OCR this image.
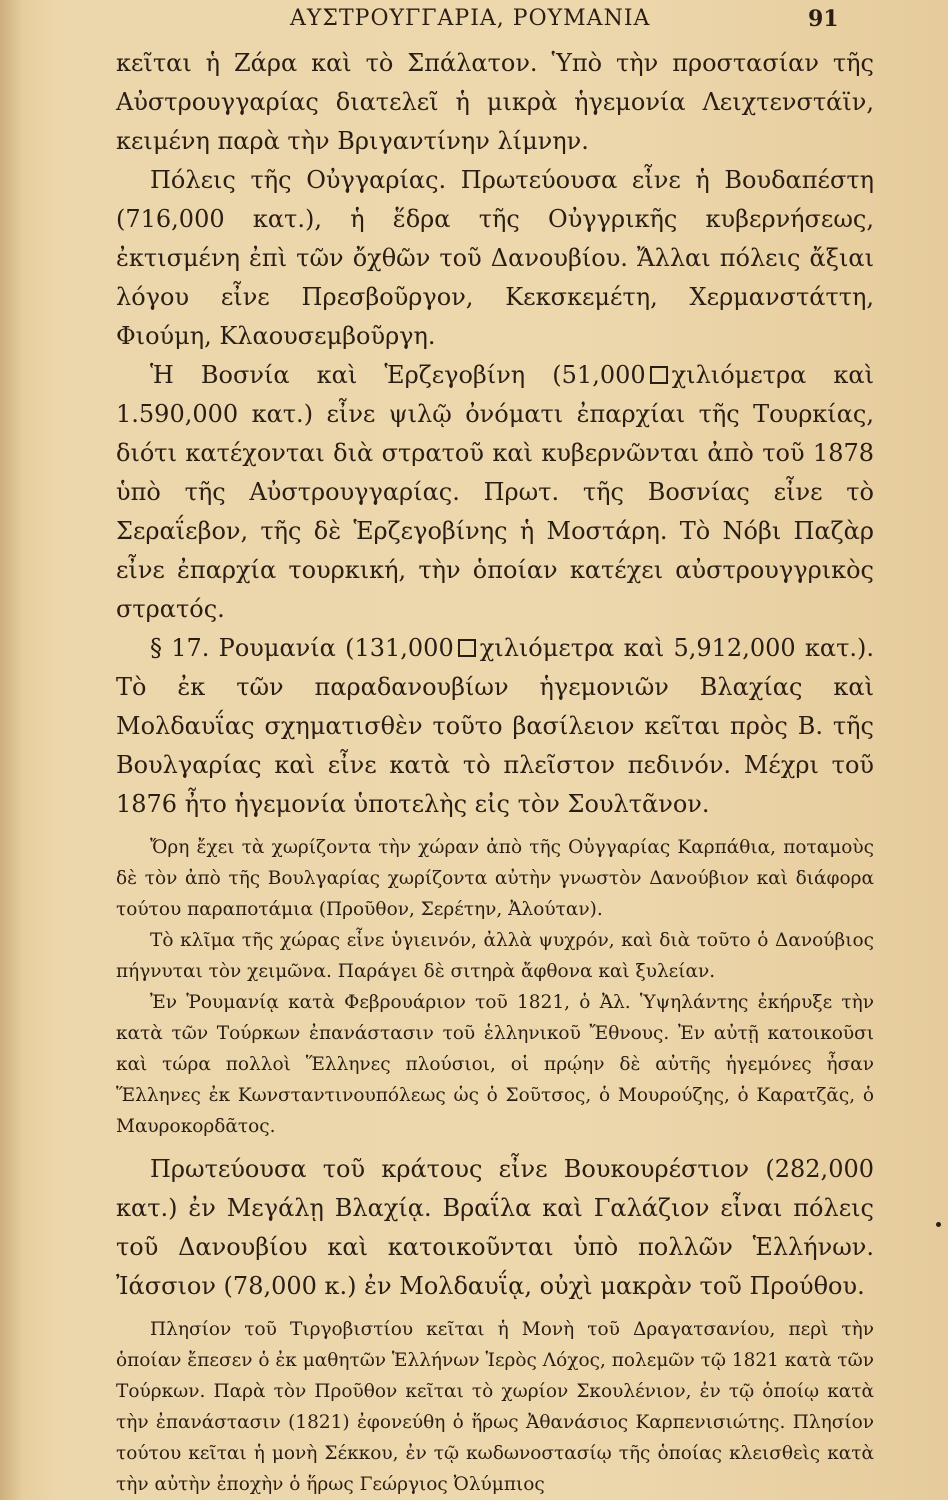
ΑΥΣΤΡΟΥΓΓΑΡΙΑ, ΡΟΥΜΑΝΙΑ	91

κεῖται ἡ Ζάρα καὶ τὸ Σπάλατον. Ὑπὸ τὴν προστασίαν τῆς Αὐστρουγγαρίας διατελεῖ ἡ μικρὰ ἡγεμονία Λειχτενστάϊν, κειμένη παρὰ τὴν Βριγαντίνην λίμνην.

Πόλεις τῆς Οὐγγαρίας. Πρωτεύουσα εἶνε ἡ Βουδαπέστη (716,000 κατ.), ἡ ἕδρα τῆς Οὐγγρικῆς κυβερνήσεως, ἐκτισμένη ἐπὶ τῶν ὄχθῶν τοῦ Δανουβίου. Ἄλλαι πόλεις ἄξιαι λόγου εἶνε Πρεσβοῦργον, Κεκσκεμέτη, Χερμανστάττη, Φιούμη, Κλαουσεμβοῦργη.

Ἡ Βοσνία καὶ Ἑρζεγοβίνη (51,000 χιλιόμετρα καὶ 1.590,000 κατ.) εἶνε ψιλῷ ὀνόματι ἐπαρχίαι τῆς Τουρκίας, διότι κατέχονται διὰ στρατοῦ καὶ κυβερνῶνται ἀπὸ τοῦ 1878 ὑπὸ τῆς Αὐστρουγγαρίας. Πρωτ. τῆς Βοσνίας εἶνε τὸ Σεραΐεβον, τῆς δὲ Ἑρζεγοβίνης ἡ Μοστάρη. Τὸ Νόβι Παζὰρ εἶνε ἐπαρχία τουρκική, τὴν ὁποίαν κατέχει αὐστρουγγρικὸς στρατός.

§ 17. Ρουμανία (131,000 χιλιόμετρα καὶ 5,912,000 κατ.). Τὸ ἐκ τῶν παραδανουβίων ἡγεμονιῶν Βλαχίας καὶ Μολδαυΐας σχηματισθὲν τοῦτο βασίλειον κεῖται πρὸς Β. τῆς Βουλγαρίας καὶ εἶνε κατὰ τὸ πλεῖστον πεδινόν. Μέχρι τοῦ 1876 ἦτο ἡγεμονία ὑποτελὴς εἰς τὸν Σουλτᾶνον.

Ὄρη ἔχει τὰ χωρίζοντα τὴν χώραν ἀπὸ τῆς Οὐγγαρίας Καρπάθια, ποταμοὺς δὲ τὸν ἀπὸ τῆς Βουλγαρίας χωρίζοντα αὐτὴν γνωστὸν Δανούβιον καὶ διάφορα τούτου παραποτάμια (Προῦθον, Σερέτην, Ἀλούταν).

Τὸ κλῖμα τῆς χώρας εἶνε ὑγιεινόν, ἀλλὰ ψυχρόν, καὶ διὰ τοῦτο ὁ Δανούβιος πήγνυται τὸν χειμῶνα. Παράγει δὲ σιτηρὰ ἄφθονα καὶ ξυλείαν.

Ἐν Ῥουμανίᾳ κατὰ Φεβρουάριον τοῦ 1821, ὁ Ἀλ. Ὑψηλάντης ἐκήρυξε τὴν κατὰ τῶν Τούρκων ἐπανάστασιν τοῦ ἑλληνικοῦ Ἔθνους. Ἐν αὐτῇ κατοικοῦσι καὶ τώρα πολλοὶ Ἕλληνες πλούσιοι, οἱ πρῴην δὲ αὐτῆς ἡγεμόνες ἦσαν Ἕλληνες ἐκ Κωνσταντινουπόλεως ὡς ὁ Σοῦτσος, ὁ Μουρούζης, ὁ Καρατζᾶς, ὁ Μαυροκορδᾶτος.

Πρωτεύουσα τοῦ κράτους εἶνε Βουκουρέστιον (282,000 κατ.) ἐν Μεγάλῃ Βλαχίᾳ. Βραΐλα καὶ Γαλάζιον εἶναι πόλεις τοῦ Δανουβίου καὶ κατοικοῦνται ὑπὸ πολλῶν Ἑλλήνων. Ἰάσσιον (78,000 κ.) ἐν Μολδαυΐᾳ, οὐχὶ μακρὰν τοῦ Προύθου.

Πλησίον τοῦ Τιργοβιστίου κεῖται ἡ Μονὴ τοῦ Δραγατσανίου, περὶ τὴν ὁποίαν ἔπεσεν ὁ ἐκ μαθητῶν Ἑλλήνων Ἱερὸς Λόχος, πολεμῶν τῷ 1821 κατὰ τῶν Τούρκων. Παρὰ τὸν Προῦθον κεῖται τὸ χωρίον Σκουλένιον, ἐν τῷ ὁποίῳ κατὰ τὴν ἐπανάστασιν (1821) ἐφονεύθη ὁ ἥρως Ἀθανάσιος Καρπενισιώτης. Πλησίον τούτου κεῖται ἡ μονὴ Σέκκου, ἐν τῷ κωδωνοστασίῳ τῆς ὁποίας κλεισθεὶς κατὰ τὴν αὐτὴν ἐποχὴν ὁ ἥρως Γεώργιος Ὀλύμπιος
